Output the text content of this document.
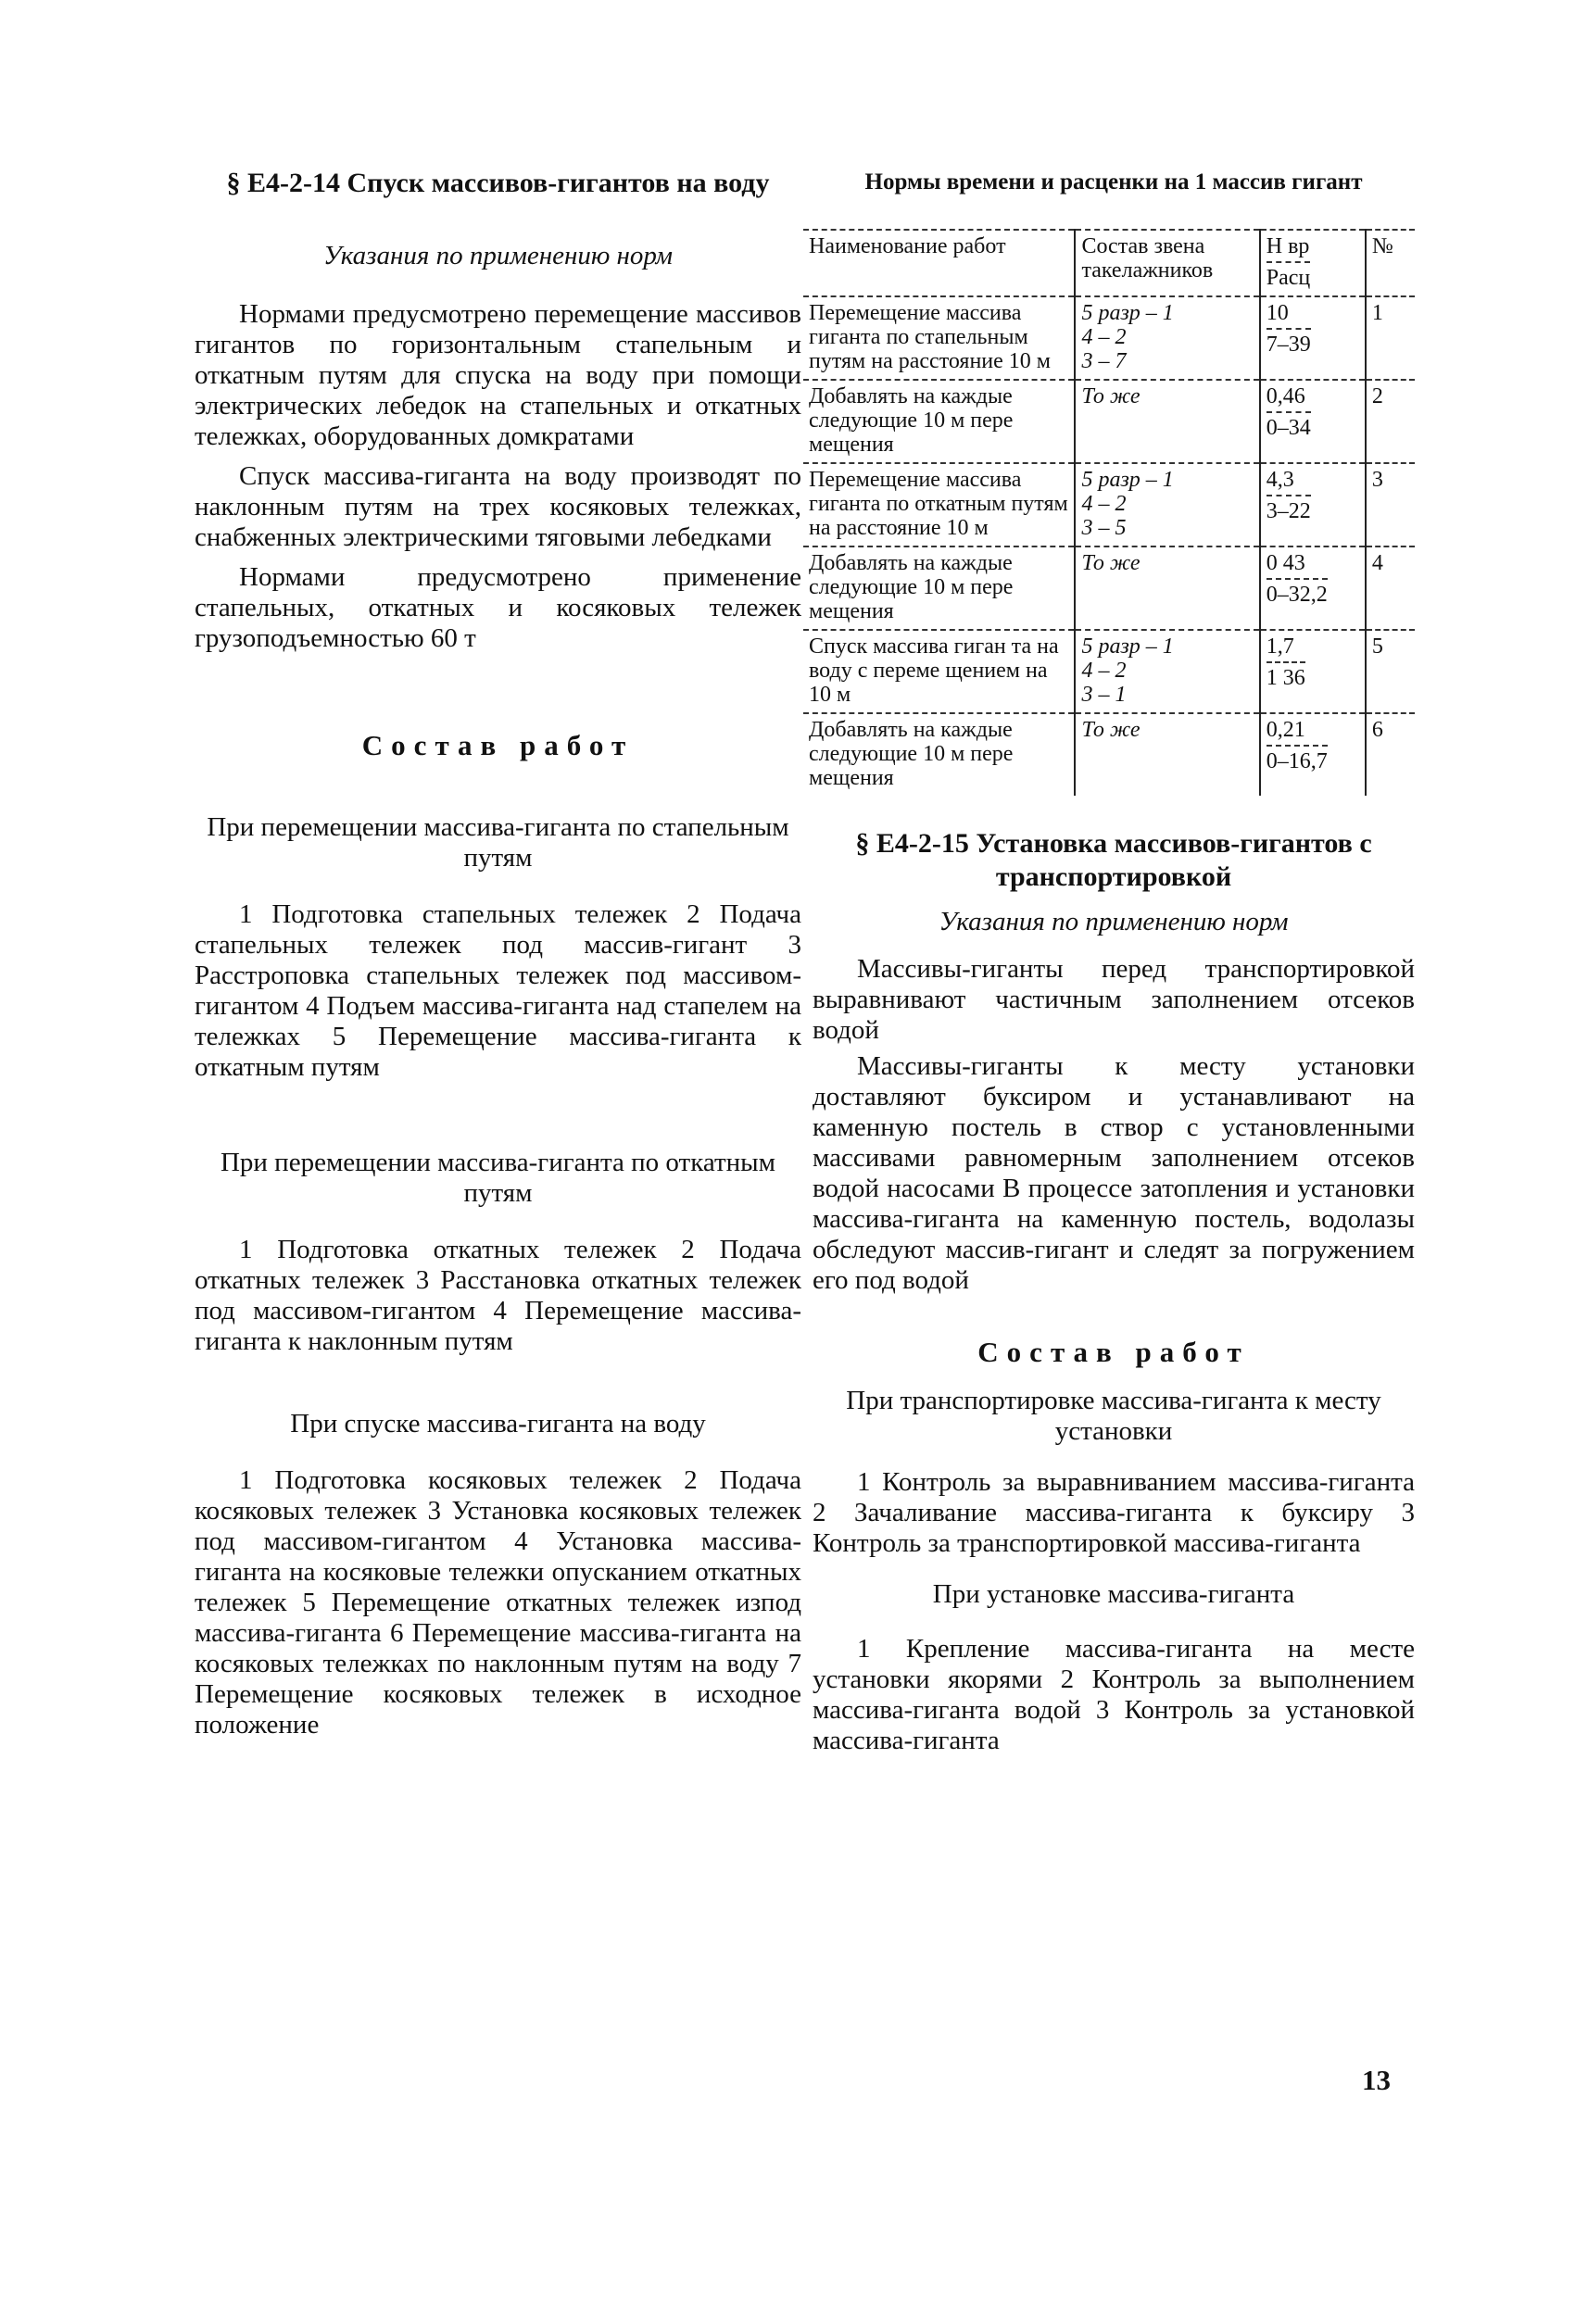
§ Е4-2-14 Спуск массивов-гигантов на воду
Указания по применению норм

Нормами предусмотрено перемещение массивов гигантов по горизонтальным стапельным и откатным путям для спуска на воду при помощи электрических лебедок на стапельных и откатных тележках, оборудованных домкратами

Спуск массива-гиганта на воду производят по наклонным путям на трех косяковых тележках, снабженных электрическими тяговыми лебедками

Нормами предусмотрено применение стапельных, откатных и косяковых тележек грузоподъемностью 60 т

Состав работ
При перемещении массива-гиганта по стапельным путям

1 Подготовка стапельных тележек 2 Подача стапельных тележек под массив-гигант 3 Расстроповка стапельных тележек под массивом-гигантом 4 Подъем массива-гиганта над стапелем на тележках 5 Перемещение массива-гиганта к откатным путям

При перемещении массива-гиганта по откатным путям

1 Подготовка откатных тележек 2 Подача откатных тележек 3 Расстановка откатных тележек под массивом-гигантом 4 Перемещение массива-гиганта к наклонным путям

При спуске массива-гиганта на воду

1 Подготовка косяковых тележек 2 Подача косяковых тележек 3 Установка косяковых тележек под массивом-гигантом 4 Установка массива-гиганта на косяковые тележки опусканием откатных тележек 5 Перемещение откатных тележек изпод массива-гиганта 6 Перемещение массива-гиганта на косяковых тележках по наклонным путям на воду 7 Перемещение косяковых тележек в исходное положение

Нормы времени и расценки на 1 массив гигант
Наименование работ	Состав звена такелажников	$\frac{\text{Н вр}}{\text{Расц}}$	№
Перемещение массива гиганта по стапельным путям на расстояние 10 м	5 разр – 1
4 – 2
3 – 7	$\frac{10}{7-39}$	1
Добавлять на каждые следующие 10 м пере мещения	То же	$\frac{0,46}{0-34}$	2
Перемещение массива гиганта по откатным путям на расстояние 10 м	5 разр – 1
4 – 2
3 – 5	$\frac{4,3}{3-22}$	3
Добавлять на каждые следующие 10 м пере мещения	То же	$\frac{0 43}{0-32,2}$	4
Спуск массива гиган та на воду с переме щением на 10 м	5 разр – 1
4 – 2
3 – 1	$\frac{1,7}{1 36}$	5
Добавлять на каждые следующие 10 м пере мещения	То же	$\frac{0,21}{0-16,7}$	6
§ Е4-2-15 Установка массивов-гигантов с транспортировкой
Указания по применению норм

Массивы-гиганты перед транспортировкой выравнивают частичным заполнением отсеков водой

Массивы-гиганты к месту установки доставляют буксиром и устанавливают на каменную постель в створ с установленными массивами равномерным заполнением отсеков водой насосами В процессе затопления и установки массива-гиганта на каменную постель, водолазы обследуют массив-гигант и следят за погружением его под водой

Состав работ
При транспортировке массива-гиганта к месту установки

1 Контроль за выравниванием массива-гиганта 2 Зачаливание массива-гиганта к буксиру 3 Контроль за транспортировкой массива-гиганта

При установке массива-гиганта

1 Крепление массива-гиганта на месте установки якорями 2 Контроль за выполнением массива-гиганта водой 3 Контроль за установкой массива-гиганта

13
